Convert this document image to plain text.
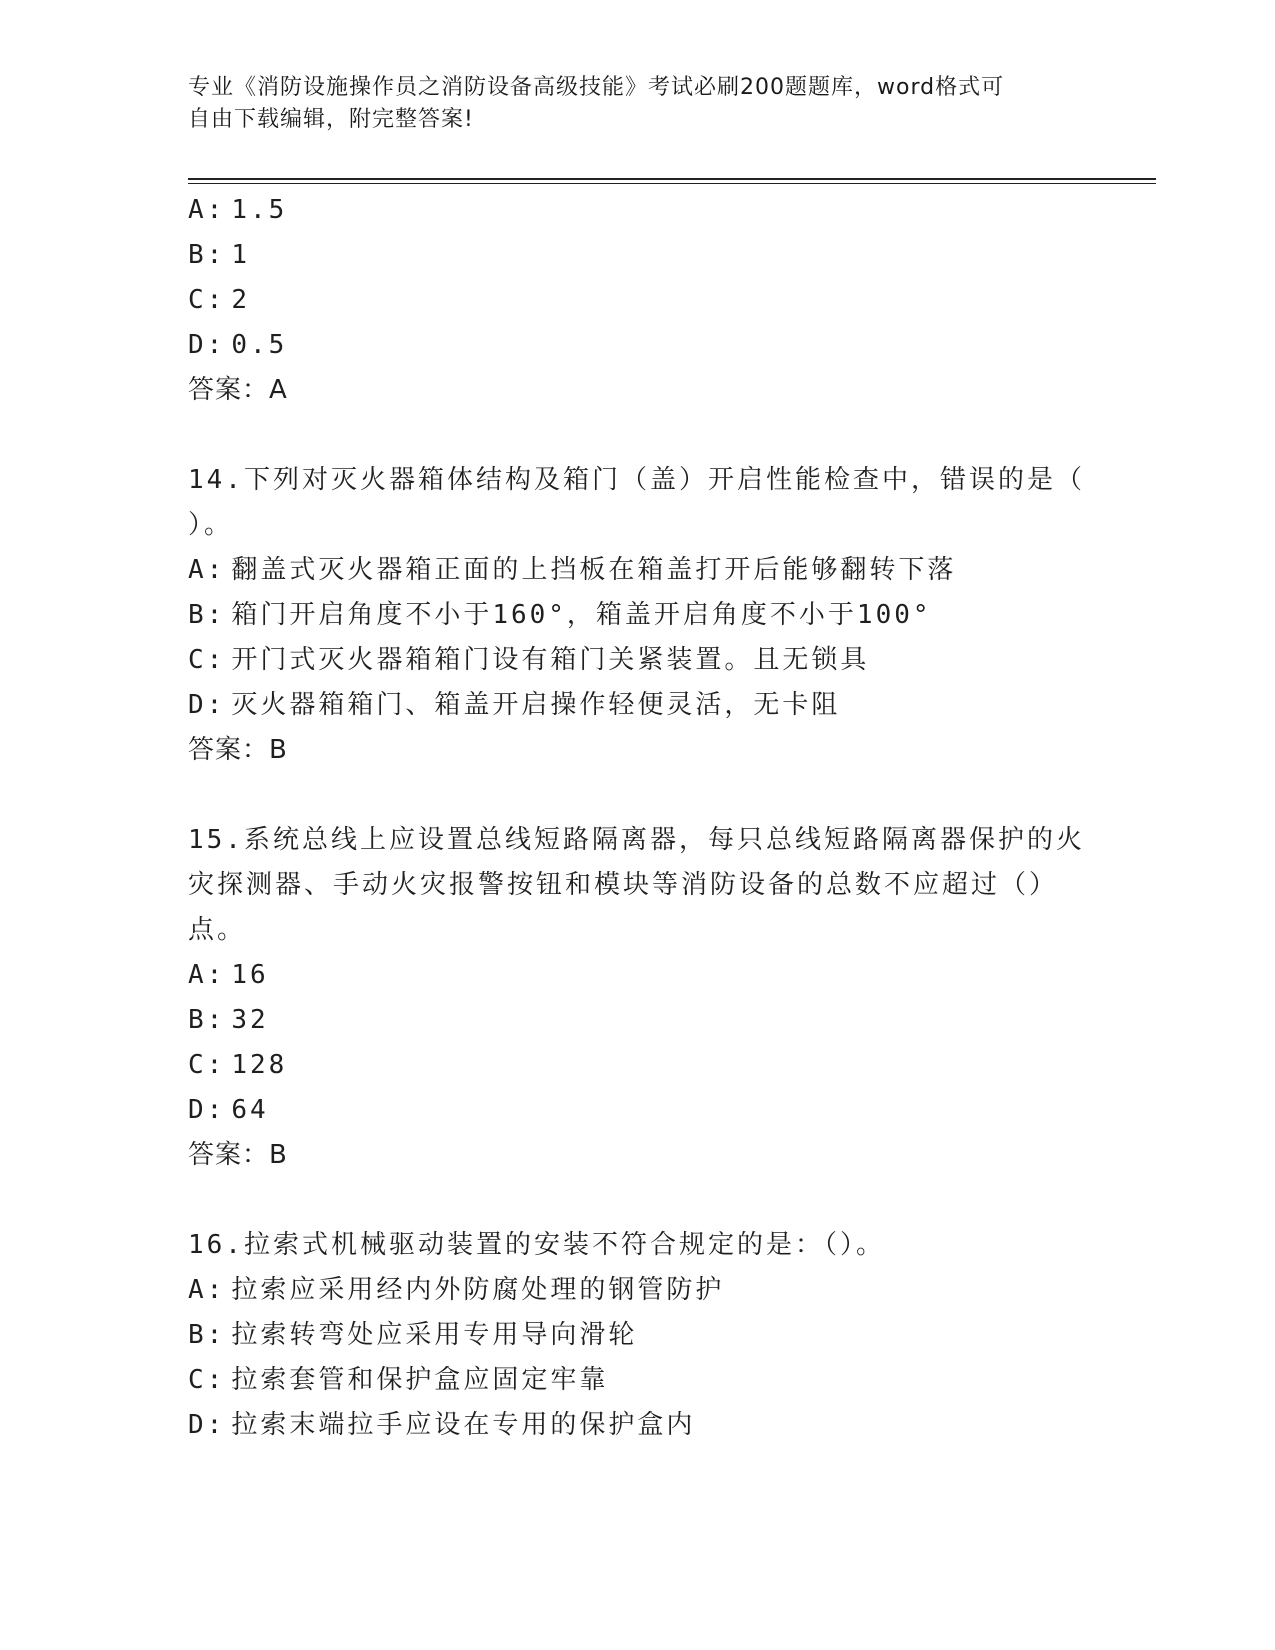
专业《消防设施操作员之消防设备高级技能》考试必刷200题题库，word格式可
自由下载编辑，附完整答案!
A: 1.5
B: 1
C: 2
D: 0.5
答案：A
14.下列对灭火器箱体结构及箱门（盖）开启性能检查中，错误的是（
）。
A: 翻盖式灭火器箱正面的上挡板在箱盖打开后能够翻转下落
B: 箱门开启角度不小于160°，箱盖开启角度不小于100°
C: 开门式灭火器箱箱门设有箱门关紧装置。且无锁具
D: 灭火器箱箱门、箱盖开启操作轻便灵活，无卡阻
答案：B
15.系统总线上应设置总线短路隔离器，每只总线短路隔离器保护的火
灾探测器、手动火灾报警按钮和模块等消防设备的总数不应超过（）
点。
A: 16
B: 32
C: 128
D: 64
答案：B
16.拉索式机械驱动装置的安装不符合规定的是：（）。
A: 拉索应采用经内外防腐处理的钢管防护
B: 拉索转弯处应采用专用导向滑轮
C: 拉索套管和保护盒应固定牢靠
D: 拉索末端拉手应设在专用的保护盒内
